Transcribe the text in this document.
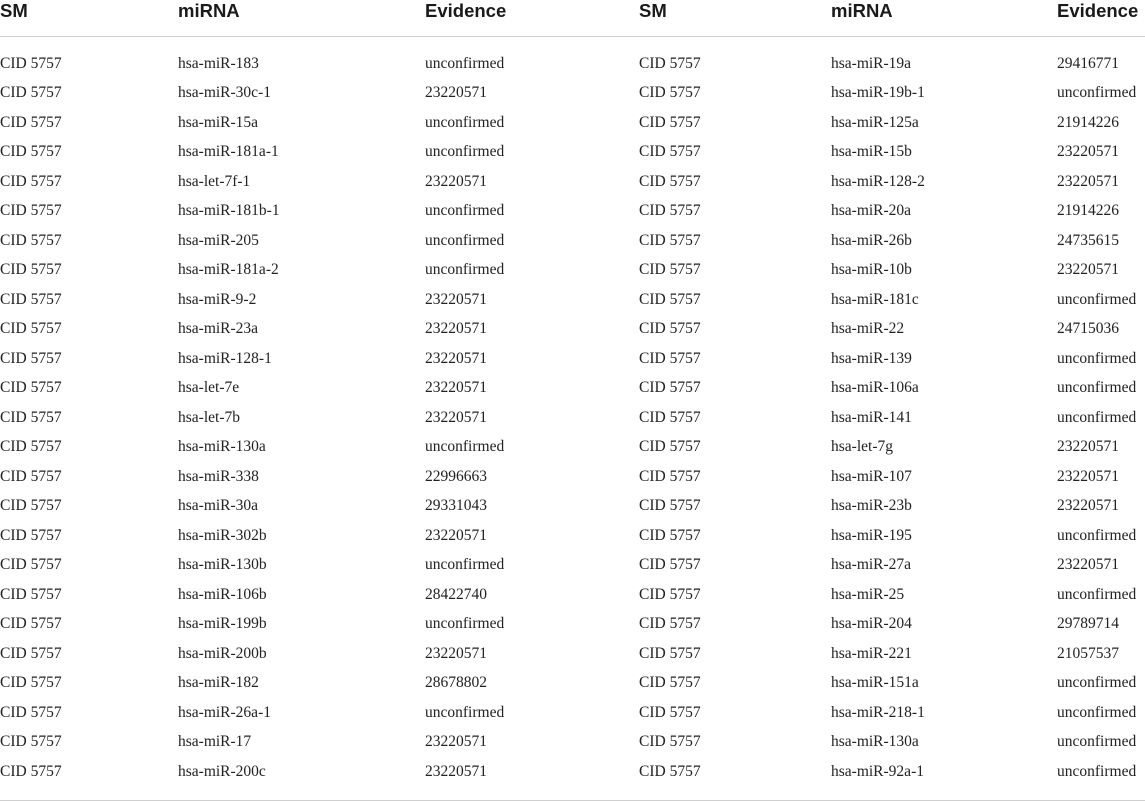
SM	miRNA	Evidence	SM	miRNA	Evidence
CID 5757	hsa-miR-183	unconfirmed	CID 5757	hsa-miR-19a	29416771
CID 5757	hsa-miR-30c-1	23220571	CID 5757	hsa-miR-19b-1	unconfirmed
CID 5757	hsa-miR-15a	unconfirmed	CID 5757	hsa-miR-125a	21914226
CID 5757	hsa-miR-181a-1	unconfirmed	CID 5757	hsa-miR-15b	23220571
CID 5757	hsa-let-7f-1	23220571	CID 5757	hsa-miR-128-2	23220571
CID 5757	hsa-miR-181b-1	unconfirmed	CID 5757	hsa-miR-20a	21914226
CID 5757	hsa-miR-205	unconfirmed	CID 5757	hsa-miR-26b	24735615
CID 5757	hsa-miR-181a-2	unconfirmed	CID 5757	hsa-miR-10b	23220571
CID 5757	hsa-miR-9-2	23220571	CID 5757	hsa-miR-181c	unconfirmed
CID 5757	hsa-miR-23a	23220571	CID 5757	hsa-miR-22	24715036
CID 5757	hsa-miR-128-1	23220571	CID 5757	hsa-miR-139	unconfirmed
CID 5757	hsa-let-7e	23220571	CID 5757	hsa-miR-106a	unconfirmed
CID 5757	hsa-let-7b	23220571	CID 5757	hsa-miR-141	unconfirmed
CID 5757	hsa-miR-130a	unconfirmed	CID 5757	hsa-let-7g	23220571
CID 5757	hsa-miR-338	22996663	CID 5757	hsa-miR-107	23220571
CID 5757	hsa-miR-30a	29331043	CID 5757	hsa-miR-23b	23220571
CID 5757	hsa-miR-302b	23220571	CID 5757	hsa-miR-195	unconfirmed
CID 5757	hsa-miR-130b	unconfirmed	CID 5757	hsa-miR-27a	23220571
CID 5757	hsa-miR-106b	28422740	CID 5757	hsa-miR-25	unconfirmed
CID 5757	hsa-miR-199b	unconfirmed	CID 5757	hsa-miR-204	29789714
CID 5757	hsa-miR-200b	23220571	CID 5757	hsa-miR-221	21057537
CID 5757	hsa-miR-182	28678802	CID 5757	hsa-miR-151a	unconfirmed
CID 5757	hsa-miR-26a-1	unconfirmed	CID 5757	hsa-miR-218-1	unconfirmed
CID 5757	hsa-miR-17	23220571	CID 5757	hsa-miR-130a	unconfirmed
CID 5757	hsa-miR-200c	23220571	CID 5757	hsa-miR-92a-1	unconfirmed
